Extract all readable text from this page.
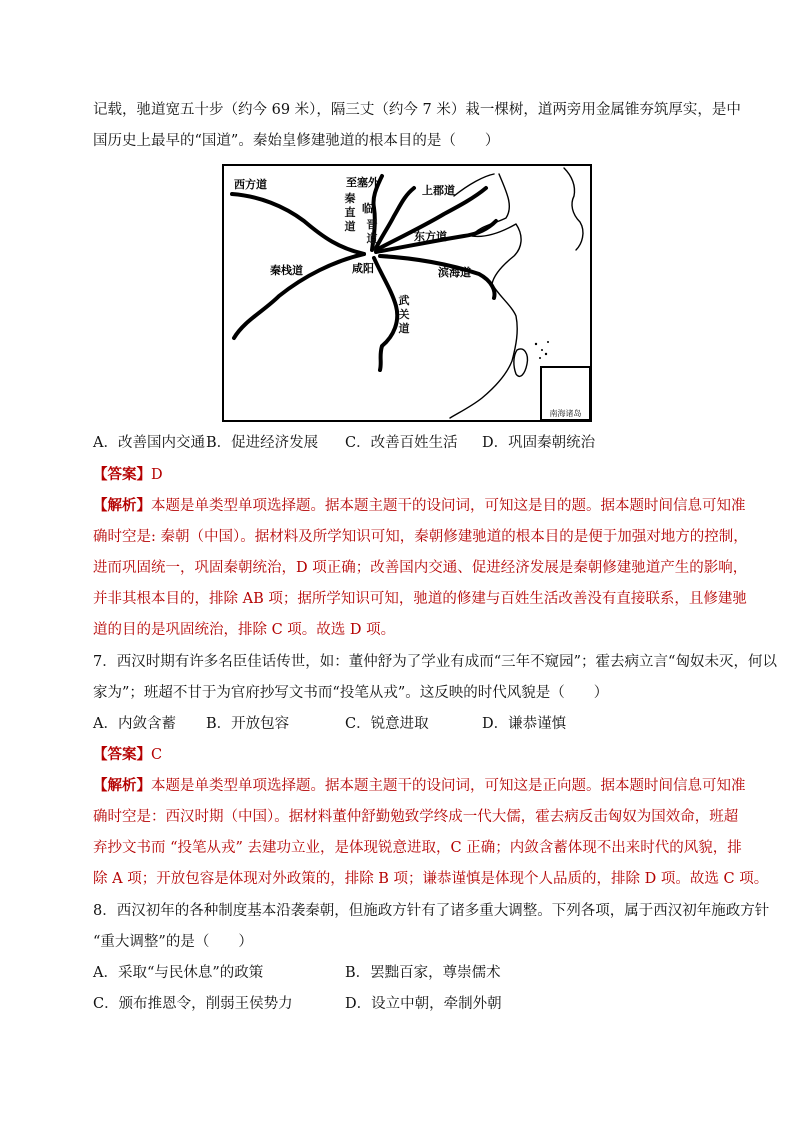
记载，驰道宽五十步（约今 69 米），隔三丈（约今 7 米）栽一棵树，道两旁用金属锥夯筑厚实，是中
国历史上最早的“国道”。秦始皇修建驰道的根本目的是（　　）
西方道	至塞外
秦
直
道
临
晋
道
上郡道
东方道
秦栈道	咸阳	滨海道
武
关
道
南海诸岛
A．改善国内交通 B．促进经济发展 C．改善百姓生活 D．巩固秦朝统治
【答案】D
【解析】本题是单类型单项选择题。据本题主题干的设问词，可知这是目的题。据本题时间信息可知准
确时空是: 秦朝（中国）。据材料及所学知识可知，秦朝修建驰道的根本目的是便于加强对地方的控制，
进而巩固统一，巩固秦朝统治，D 项正确；改善国内交通、促进经济发展是秦朝修建驰道产生的影响，
并非其根本目的，排除 AB 项；据所学知识可知，驰道的修建与百姓生活改善没有直接联系，且修建驰
道的目的是巩固统治，排除 C 项。故选 D 项。
7．西汉时期有许多名臣佳话传世，如：董仲舒为了学业有成而“三年不窥园”；霍去病立言“匈奴未灭，何以
家为”；班超不甘于为官府抄写文书而“投笔从戎”。这反映的时代风貌是（　　）
A．内敛含蓄 B．开放包容	C．锐意进取	D．谦恭谨慎
【答案】C
【解析】本题是单类型单项选择题。据本题主题干的设问词，可知这是正向题。据本题时间信息可知准
确时空是：西汉时期（中国）。据材料董仲舒勤勉致学终成一代大儒，霍去病反击匈奴为国效命，班超
弃抄文书而 “投笔从戎” 去建功立业，是体现锐意进取，C 正确；内敛含蓄体现不出来时代的风貌，排
除 A 项；开放包容是体现对外政策的，排除 B 项；谦恭谨慎是体现个人品质的，排除 D 项。故选 C 项。
8．西汉初年的各种制度基本沿袭秦朝，但施政方针有了诸多重大调整。下列各项，属于西汉初年施政方针
“重大调整”的是（　　）
A．采取“与民休息”的政策	B．罢黜百家，尊崇儒术
C．颁布推恩令，削弱王侯势力	D．设立中朝，牵制外朝
